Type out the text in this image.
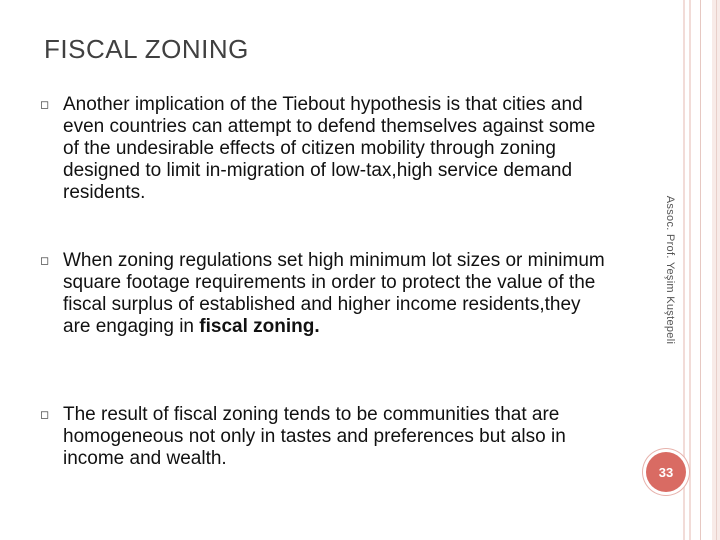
FISCAL ZONING
◻ Another implication of the Tiebout hypothesis is that cities and even countries can attempt to defend themselves against some of the undesirable effects of citizen mobility through zoning designed to limit in-migration of low-tax,high service demand residents.
◻ When zoning regulations set high minimum lot sizes or minimum square footage requirements in order to protect the value of the fiscal surplus of established and higher income residents,they are engaging in fiscal zoning.
◻ The result of fiscal zoning tends to be communities that are homogeneous not only in tastes and preferences but also in income and wealth.
Assoc. Prof. Yeşim Kuştepeli
33
